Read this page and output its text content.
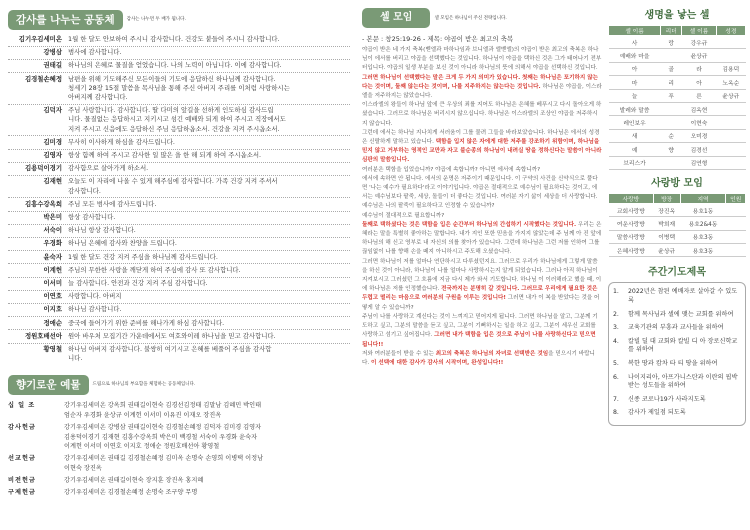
감사를 나누는 공동체	감사는 나누면 두 배가 됩니다.
김기우김세미온 1월 한 달도 안보하여 주시니 감사합니다. 건강도 붙들어 주시니 감사합니다.
강병삼 범사에 감사합니다.
권태길 하나님의 은혜로 물질을 얻었습니다. 나의 노력이 아닙니다. 이에 감사합니다.
김경철손혜정 남편을 위해 기도해주신 모든이들의 기도에 응답하신 하나님께 감사합니다.
청세기 28장 15절 말씀을 목사님을 통해 주신 아버지 주리를 이처럼 사랑하시는
아버지께 감사합니다.
김덕자 주님 사랑합니다. 감사합니다. 딸 다미의 앞길을 선하게 인도하심 감사드립
니다. 물질없는 응답하시고 지키시고 섬긴 예배와 되게 하여 주시고 직장에서도
지켜 주시고 신음에도 응답하신 주님 응답하옵소서. 건강을 지켜 주시옵소서.
김미경 무사히 이사하게 하심을 감사드립니다.
김영자 항상 함께 하여 주시고 감사한 일 많은 을 한 해 되게 하여 주시옵소서.
김용덕이경기 감사함으로 살아가게 하소서.
김재현 오늘도 이 자리에 나올 수 있게 해주심에 감사합니다. 가족 건강 지켜 주셔서
감사합니다.
김흥수강옥희 주님 모든 범사에 감사드립니다.
박은미 항상 감사합니다.
서숙이 하나님 항상 감사합니다.
우경화 하나님 은혜에 감사와 찬양을 드립니다.
윤숙자 1월 한 달도 건강 지켜 주심을 하나님께 감사드립니다.
이계헌 주님의 무한한 사랑을 깨닫게 하여 주심에 감사 또 감사합니다.
이서미 늘 감사합니다. 안전과 건강 지켜 주심 감사합니다.
이연호 사랑합니다. 아버지
이지호 하나님 감사합니다.
정애순 중국에 들어가기 위한 준비를 해나가게 하심 감사합니다.
정원호배선아 원아 바우처 모집기간 가운데에서도 여호와이레 하나님을 믿고 감사합니다.
황영철 하나님 아버지 감사합니다. 불쌍히 여기시고 은혜를 베풀어 주심을 감사합
니다.
향기로운 예물	드림으로 하나님의 부요함을 체험하는 공동체입니다.
십 일 조	강기우김세미온 강옥희 권태길이현숙 김경선김정태 김말남 김혜민 박인태
엄순자 우경화 윤상규 이계헌 이서미 이유진 이재오 장진옥
감사헌금	강기우김세미온 강병삼 권태길이현숙 김경철손혜정 김덕자 김미경 김영자
김용덕이경기 김재현 김흥수강옥희 박은미 백경철 서숙이 우경화 윤숙자
이계헌 이서미 이연호 이지호 정애순 정원호배선아 황영철
선교헌금	강기우김세미온 권태길 김경철손혜정 김미옥 손명숙 손영희 이병택 이정남
이현숙 장진옥
비전헌금	강기우김세미온 권태길이현숙 장지훈 장진옥 홍지혜
구제헌금	강기우김세미온 김경철손혜정 손명숙 조구양 무명
셀 모임	셀 모임은 하나님이 주신 전략입니다.
- 본문 : 창25:19-26 - 제목: 야곱이 받은 최고의 축복

야곱이 받은 네 가지 축복(벧엘과 마하나임과 브니엘과 엘벧엘)의 야곱이 받은 최고의 축복은 하나님이 에서를 버리고 야곱을 선택했다는 것입니다. 하나님이 야곱을 택하신 것은 그가 태어나기 전부터입니다. 야곱의 일생 부분을 보신 것이 아니라 하나님의 뜻에 의해서 야곱을 선택하신 것입니다. 그러면 하나님이 선택했다는 말은 크게 두 가지 의미가 있습니다. 첫째는 하나님은 포기하지 않는다는 것이며, 둘째 않는다는 것이며, 나를 지주하지는 않는다는 것입니다. 하나님은 야곱을, 이스라엘을 저주하지는 않았습니다.

이스라엘의 왕들이 하나님 앞에 큰 우상의 죄를 지어도 하나님은 은혜를 베푸시고 다시 돌아오게 하셨습니다. 그러므로 하나님은 버리시지 않으십니다. 하나님은 이스라엘의 조상인 야곱을 저주하시지 않습니다.

그런데 에서는 하나님 지나치게 서러움이 그를 물려 그들을 바라보았습니다. 하나님은 에서의 성경은 신랄하게 말하고 있습니다. 택함을 입지 않은 자에게 대한 저주를 강조하기 위함이며, 하나님을 믿지 않고 거부하는 영적인 교만과 자고 불순종의 하나님이 내려실 땅을 정하신다는 말씀이 아니라 심판의 말씀입니다.

여러분은 택함을 입었습니까? 야곱에 속합니까? 아니면 에서에 속합니까?

에서에 속하면 안 됩니다. 에서의 운명은 저주이기 때문입니다. 이 구약의 사건을 신약식으로 풀다면 '나는 예수가 필요하다'라고 이야기입니다. 야곱은 절대적으로 예수님이 필요하다는 것이고, 에서는 예수님보다 팥죽, 세상, 돌들이 더 좋다는 것입니다. 여러분 자기 삶이 세상을 더 사랑합니다. 예수님은 나의 팥죽이 필요하다고 인정할 수 있습니까?

예수님이 절대적으로 필요합니까?

둘째로 택하셨다는 것은 택함을 입은 순간부터 하나님의 간섭하기 시작했다는 것입니다. 우리는 은혜라는 말을 특별히 좋아하는 말합니다. 내가 지인 또한 믿음을 가지지 않았는데 주 님께 아 진 앞에 하나님의 해 신고 영부로 내 자신의 의를 찾아가 있습니다. 그런데 하나님은 그런 저를 인하여 그를 끊임없이 나를 향해 손을 떼지 아니하시고 주도해 오셨습니다.

그러면 하나님이 저를 얼마나 연단하시고 다루셨던지요. 그러므로 우리가 하나님에게 그렇게 말씀을 하신 것이 아니라, 하나님이 나를 얼마나 사랑하시는지 알게 되었습니다. 그러나 아직 하나님이 지켜보시고 그러셨던 그 흐름에 지금 다시 제가 와서 기도합니다. 하나님 이 이러해라고 했을 때, 이에 하나님은 저를 인정했습니다. 전국까지는 분명히 갈 것입니다. 그러므로 우리에게 필요한 것은 두렵고 떨리는 마음으로 여러분의 구원을 이루는 것입니다! 그러면 내가 이 복을 받았다는 것을 어떻게 알 수 있습니까?

주님이 나를 사랑하고 계신다는 것이 느껴지고 믿어지게 됩니다. 그러면 하나님을 알고, 그분께 기도하고 싶고, 그분의 말씀을 듣고 싶고, 그분이 기뻐하시는 일을 하고 싶고, 그분이 세우신 교회를 사랑하고 섬기고 싶어집니다. 그러면 내가 택함을 입은 것으로 주님이 나를 사랑하신다고 믿으면 됩니다!!

저와 여러분들이 받을 수 있는 최고의 축복은 하나님의 자녀로 선택받은 것임을 믿으시기 바랍니다. 이 선택에 대한 감사가 감사의 시작이며, 완성입니다!!

생명을 낳는 셀
셀 이름	리더	셀 이름	성경
사	랑	강우규	
예배와 마을		윤상규	
아	골	라	김용덕
마	리	아	노옥순
늘	푸	른	윤상규
발레와 말씀		김옥현	
레인보우		이현숙	
새	순	오미경	
예	향	김경선	
브리스가		김연형	
사랑방 모임
사랑방	방장	지역	인원
교회사랑방	장진옥	용호1동	
여운사랑방	박희재	용호2&4동	
말씀사랑방	이병택	용호3동	
은혜사랑방	윤상규	용호3동	
주간기도제목
1.	2022년은 참된 예배자로 살아갈 수 있도록
2.	함께 목사님과 셀에 맺는 교회를 위하여
3.	교육기관의 부흥과 교사들을 위하여
4.	칼빌 딜 대 교회와 칼빌 디 아 장로신학교를 위하여
5.	복한 땅과 캄차 타 티 땅을 위하여
6.	나이지리아, 아프가니스탄과 이란의 핍박받는 성도들을 위하여
7.	신종 코로나19가 사라지도록
8.	감사가 제일점 되도록
